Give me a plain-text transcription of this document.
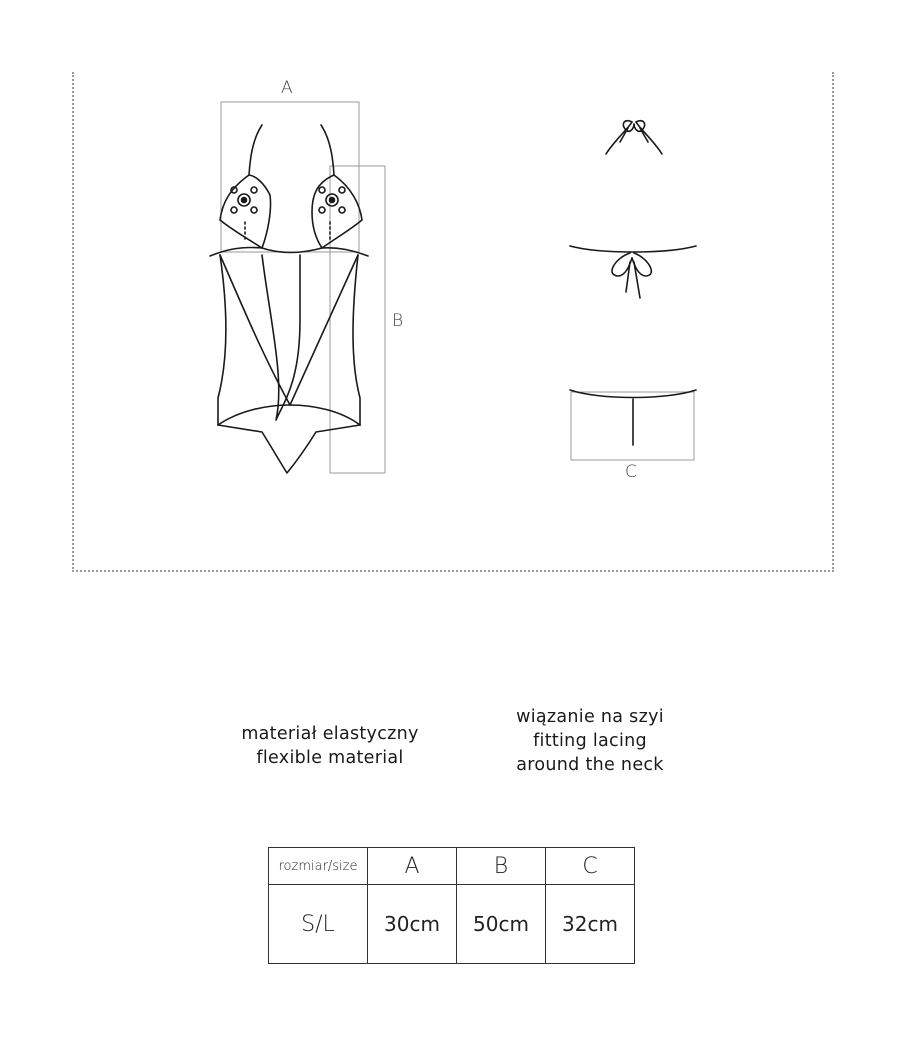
A
B
C
materiał elastyczny
flexible material
wiązanie na szyi
fitting lacing
around the neck
rozmiar/size	A	B	C
S/L	30cm	50cm	32cm
